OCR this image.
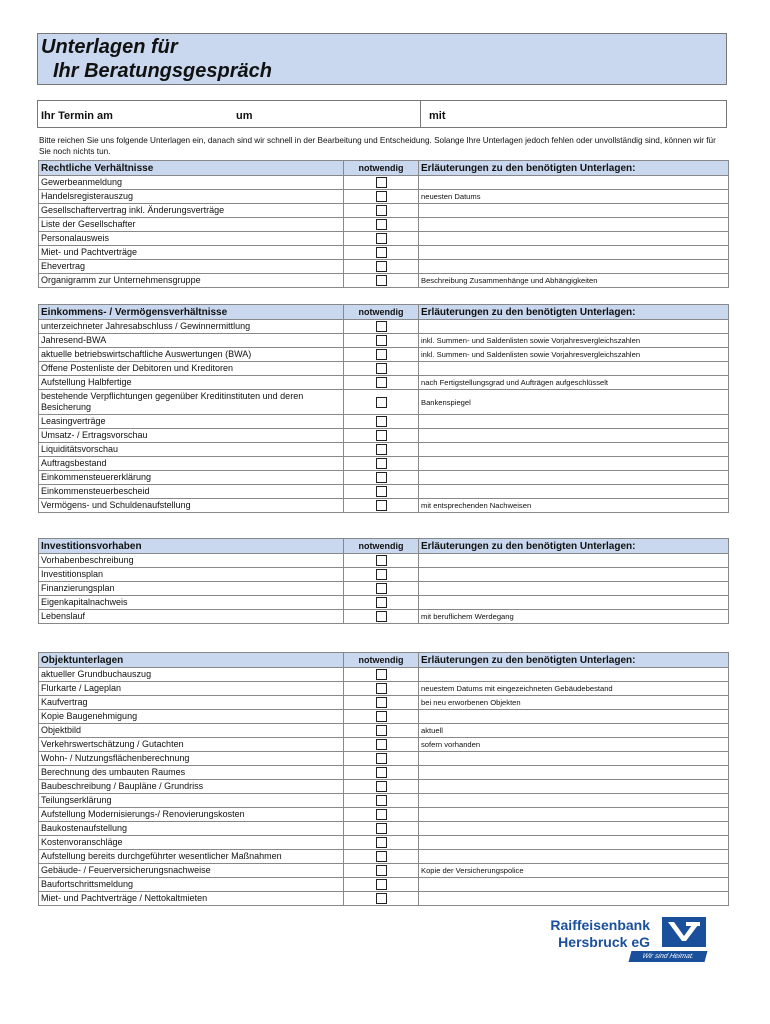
Unterlagen für
Ihr Beratungsgespräch
Ihr Termin am	um	mit
Bitte reichen Sie uns folgende Unterlagen ein, danach sind wir schnell in der Bearbeitung und Entscheidung. Solange Ihre Unterlagen jedoch fehlen oder unvollständig sind, können wir für Sie noch nichts tun.
Rechtliche Verhältnisse	notwendig	Erläuterungen zu den benötigten Unterlagen:
Gewerbeanmeldung		
Handelsregisterauszug		neuesten Datums
Gesellschaftervertrag inkl. Änderungsverträge		
Liste der Gesellschafter		
Personalausweis		
Miet- und Pachtverträge		
Ehevertrag		
Organigramm zur Unternehmensgruppe		Beschreibung Zusammenhänge und Abhängigkeiten
Einkommens- / Vermögensverhältnisse	notwendig	Erläuterungen zu den benötigten Unterlagen:
unterzeichneter Jahresabschluss / Gewinnermittlung		
Jahresend-BWA		inkl. Summen- und Saldenlisten sowie Vorjahresvergleichszahlen
aktuelle betriebswirtschaftliche Auswertungen (BWA)		inkl. Summen- und Saldenlisten sowie Vorjahresvergleichszahlen
Offene Postenliste der Debitoren und Kreditoren		
Aufstellung Halbfertige		nach Fertigstellungsgrad und Aufträgen aufgeschlüsselt
bestehende Verpflichtungen gegenüber Kreditinstituten und deren Besicherung		Bankenspiegel
Leasingverträge		
Umsatz- / Ertragsvorschau		
Liquiditätsvorschau		
Auftragsbestand		
Einkommensteuererklärung		
Einkommensteuerbescheid		
Vermögens- und Schuldenaufstellung		mit entsprechenden Nachweisen
Investitionsvorhaben	notwendig	Erläuterungen zu den benötigten Unterlagen:
Vorhabenbeschreibung		
Investitionsplan		
Finanzierungsplan		
Eigenkapitalnachweis		
Lebenslauf		mit beruflichem Werdegang
Objektunterlagen	notwendig	Erläuterungen zu den benötigten Unterlagen:
aktueller Grundbuchauszug		
Flurkarte / Lageplan		neuestem Datums mit eingezeichneten Gebäudebestand
Kaufvertrag		bei neu erworbenen Objekten
Kopie Baugenehmigung		
Objektbild		aktuell
Verkehrswertschätzung / Gutachten		sofern vorhanden
Wohn- / Nutzungsflächenberechnung		
Berechnung des umbauten Raumes		
Baubeschreibung / Baupläne / Grundriss		
Teilungserklärung		
Aufstellung Modernisierungs-/ Renovierungskosten		
Baukostenaufstellung		
Kostenvoranschläge		
Aufstellung bereits durchgeführter wesentlicher Maßnahmen		
Gebäude- / Feuerversicherungsnachweise		Kopie der Versicherungspolice
Baufortschrittsmeldung		
Miet- und Pachtverträge / Nettokaltmieten		
Raiffeisenbank
Hersbruck eG
Wir sind Heimat.
